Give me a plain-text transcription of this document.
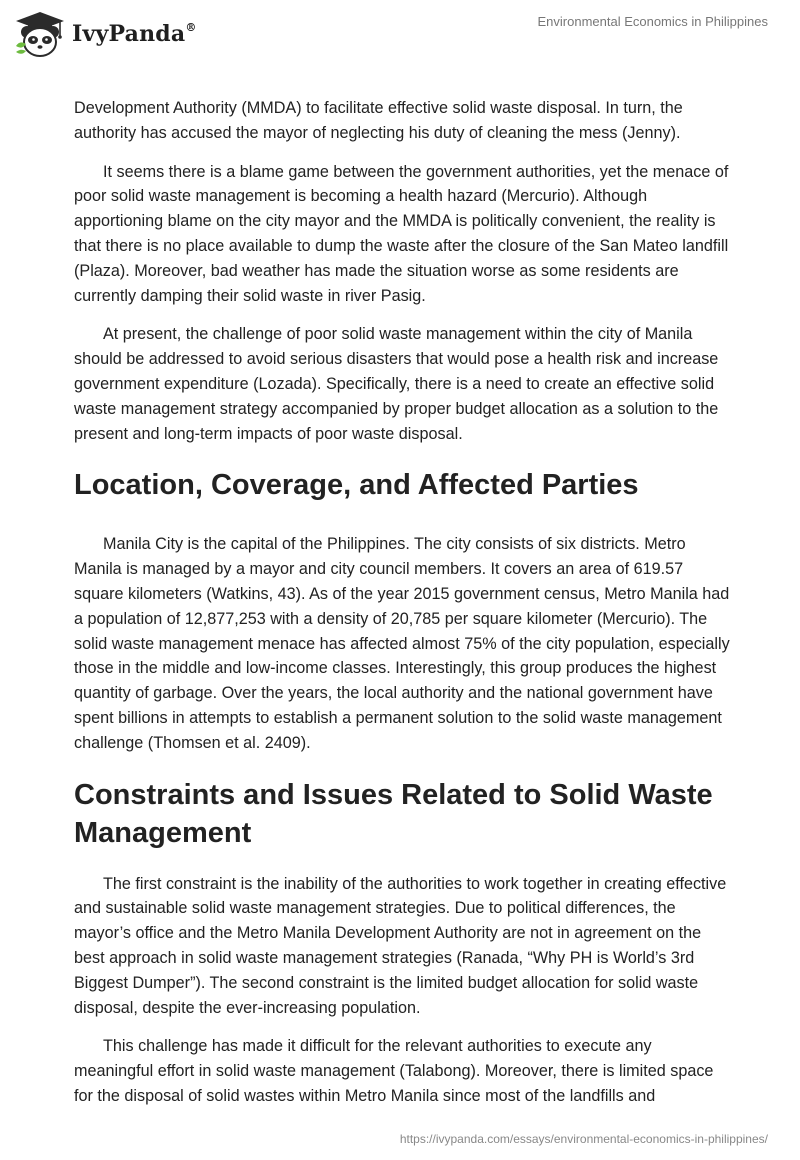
IvyPanda®	Environmental Economics in Philippines

Development Authority (MMDA) to facilitate effective solid waste disposal. In turn, the authority has accused the mayor of neglecting his duty of cleaning the mess (Jenny).

It seems there is a blame game between the government authorities, yet the menace of poor solid waste management is becoming a health hazard (Mercurio). Although apportioning blame on the city mayor and the MMDA is politically convenient, the reality is that there is no place available to dump the waste after the closure of the San Mateo landfill (Plaza). Moreover, bad weather has made the situation worse as some residents are currently damping their solid waste in river Pasig.

At present, the challenge of poor solid waste management within the city of Manila should be addressed to avoid serious disasters that would pose a health risk and increase government expenditure (Lozada). Specifically, there is a need to create an effective solid waste management strategy accompanied by proper budget allocation as a solution to the present and long-term impacts of poor waste disposal.

Location, Coverage, and Affected Parties

Manila City is the capital of the Philippines. The city consists of six districts. Metro Manila is managed by a mayor and city council members. It covers an area of 619.57 square kilometers (Watkins, 43). As of the year 2015 government census, Metro Manila had a population of 12,877,253 with a density of 20,785 per square kilometer (Mercurio). The solid waste management menace has affected almost 75% of the city population, especially those in the middle and low-income classes. Interestingly, this group produces the highest quantity of garbage. Over the years, the local authority and the national government have spent billions in attempts to establish a permanent solution to the solid waste management challenge (Thomsen et al. 2409).

Constraints and Issues Related to Solid Waste Management

The first constraint is the inability of the authorities to work together in creating effective and sustainable solid waste management strategies. Due to political differences, the mayor’s office and the Metro Manila Development Authority are not in agreement on the best approach in solid waste management strategies (Ranada, “Why PH is World’s 3rd Biggest Dumper”). The second constraint is the limited budget allocation for solid waste disposal, despite the ever-increasing population.

This challenge has made it difficult for the relevant authorities to execute any meaningful effort in solid waste management (Talabong). Moreover, there is limited space for the disposal of solid wastes within Metro Manila since most of the landfills and

https://ivypanda.com/essays/environmental-economics-in-philippines/
